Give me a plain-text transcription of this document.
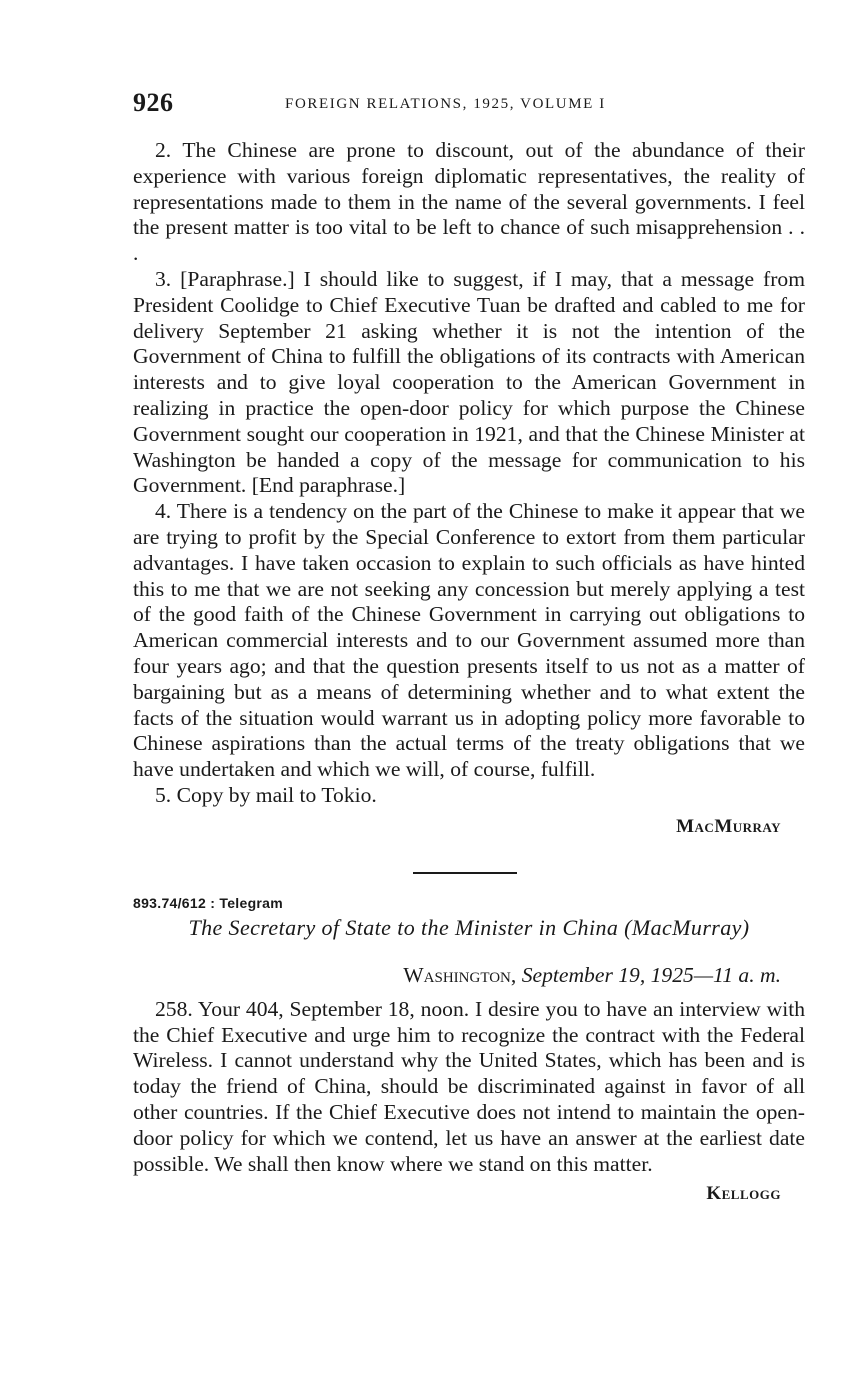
926	FOREIGN RELATIONS, 1925, VOLUME I

2. The Chinese are prone to discount, out of the abundance of their experience with various foreign diplomatic representatives, the reality of representations made to them in the name of the several governments. I feel the present matter is too vital to be left to chance of such misapprehension . . .

3. [Paraphrase.] I should like to suggest, if I may, that a message from President Coolidge to Chief Executive Tuan be drafted and cabled to me for delivery September 21 asking whether it is not the intention of the Government of China to fulfill the obligations of its contracts with American interests and to give loyal cooperation to the American Government in realizing in practice the open-door policy for which purpose the Chinese Government sought our cooperation in 1921, and that the Chinese Minister at Washington be handed a copy of the message for communication to his Government. [End paraphrase.]

4. There is a tendency on the part of the Chinese to make it appear that we are trying to profit by the Special Conference to extort from them particular advantages. I have taken occasion to explain to such officials as have hinted this to me that we are not seeking any concession but merely applying a test of the good faith of the Chinese Government in carrying out obligations to American commercial interests and to our Government assumed more than four years ago; and that the question presents itself to us not as a matter of bargaining but as a means of determining whether and to what extent the facts of the situation would warrant us in adopting policy more favorable to Chinese aspirations than the actual terms of the treaty obligations that we have undertaken and which we will, of course, fulfill.

5. Copy by mail to Tokio.

MacMurray
893.74/612 : Telegram
The Secretary of State to the Minister in China (MacMurray)
Washington, September 19, 1925—11 a. m.

258. Your 404, September 18, noon. I desire you to have an interview with the Chief Executive and urge him to recognize the contract with the Federal Wireless. I cannot understand why the United States, which has been and is today the friend of China, should be discriminated against in favor of all other countries. If the Chief Executive does not intend to maintain the open-door policy for which we contend, let us have an answer at the earliest date possible. We shall then know where we stand on this matter.

Kellogg
